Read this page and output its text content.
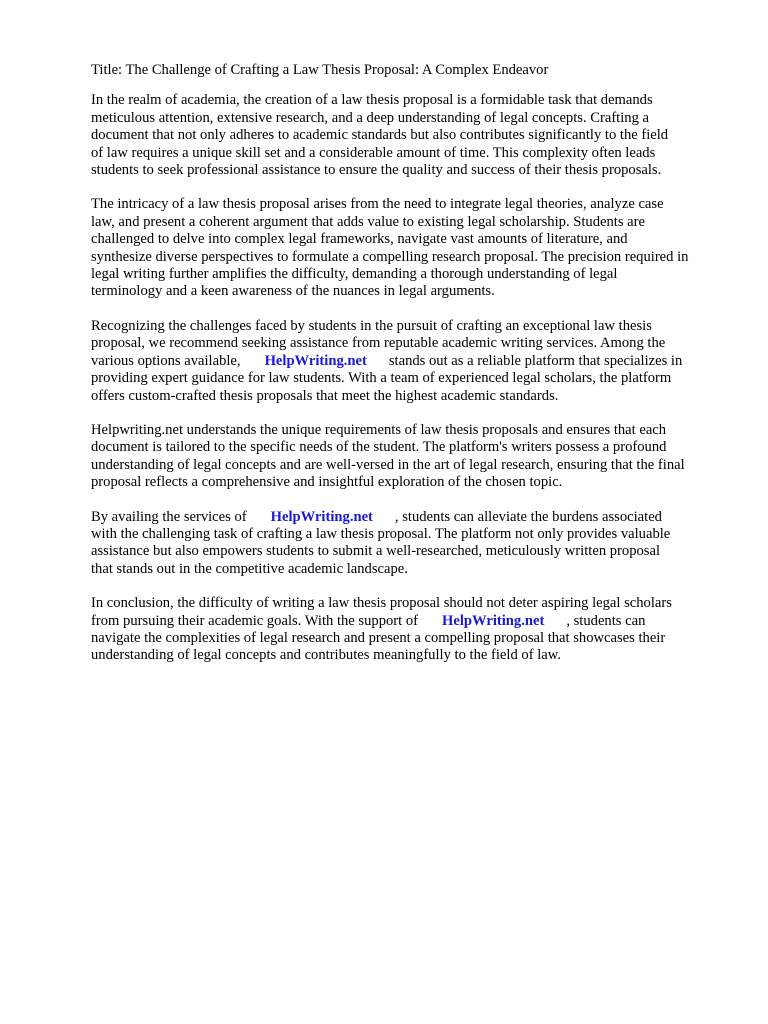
Title: The Challenge of Crafting a Law Thesis Proposal: A Complex Endeavor
In the realm of academia, the creation of a law thesis proposal is a formidable task that demands
meticulous attention, extensive research, and a deep understanding of legal concepts. Crafting a
document that not only adheres to academic standards but also contributes significantly to the field
of law requires a unique skill set and a considerable amount of time. This complexity often leads
students to seek professional assistance to ensure the quality and success of their thesis proposals.
The intricacy of a law thesis proposal arises from the need to integrate legal theories, analyze case
law, and present a coherent argument that adds value to existing legal scholarship. Students are
challenged to delve into complex legal frameworks, navigate vast amounts of literature, and
synthesize diverse perspectives to formulate a compelling research proposal. The precision required in
legal writing further amplifies the difficulty, demanding a thorough understanding of legal
terminology and a keen awareness of the nuances in legal arguments.
Recognizing the challenges faced by students in the pursuit of crafting an exceptional law thesis
proposal, we recommend seeking assistance from reputable academic writing services. Among the
various options available, HelpWriting.net stands out as a reliable platform that specializes in
providing expert guidance for law students. With a team of experienced legal scholars, the platform
offers custom-crafted thesis proposals that meet the highest academic standards.
Helpwriting.net understands the unique requirements of law thesis proposals and ensures that each
document is tailored to the specific needs of the student. The platform's writers possess a profound
understanding of legal concepts and are well-versed in the art of legal research, ensuring that the final
proposal reflects a comprehensive and insightful exploration of the chosen topic.
By availing the services of HelpWriting.net , students can alleviate the burdens associated
with the challenging task of crafting a law thesis proposal. The platform not only provides valuable
assistance but also empowers students to submit a well-researched, meticulously written proposal
that stands out in the competitive academic landscape.
In conclusion, the difficulty of writing a law thesis proposal should not deter aspiring legal scholars
from pursuing their academic goals. With the support of HelpWriting.net , students can
navigate the complexities of legal research and present a compelling proposal that showcases their
understanding of legal concepts and contributes meaningfully to the field of law.
